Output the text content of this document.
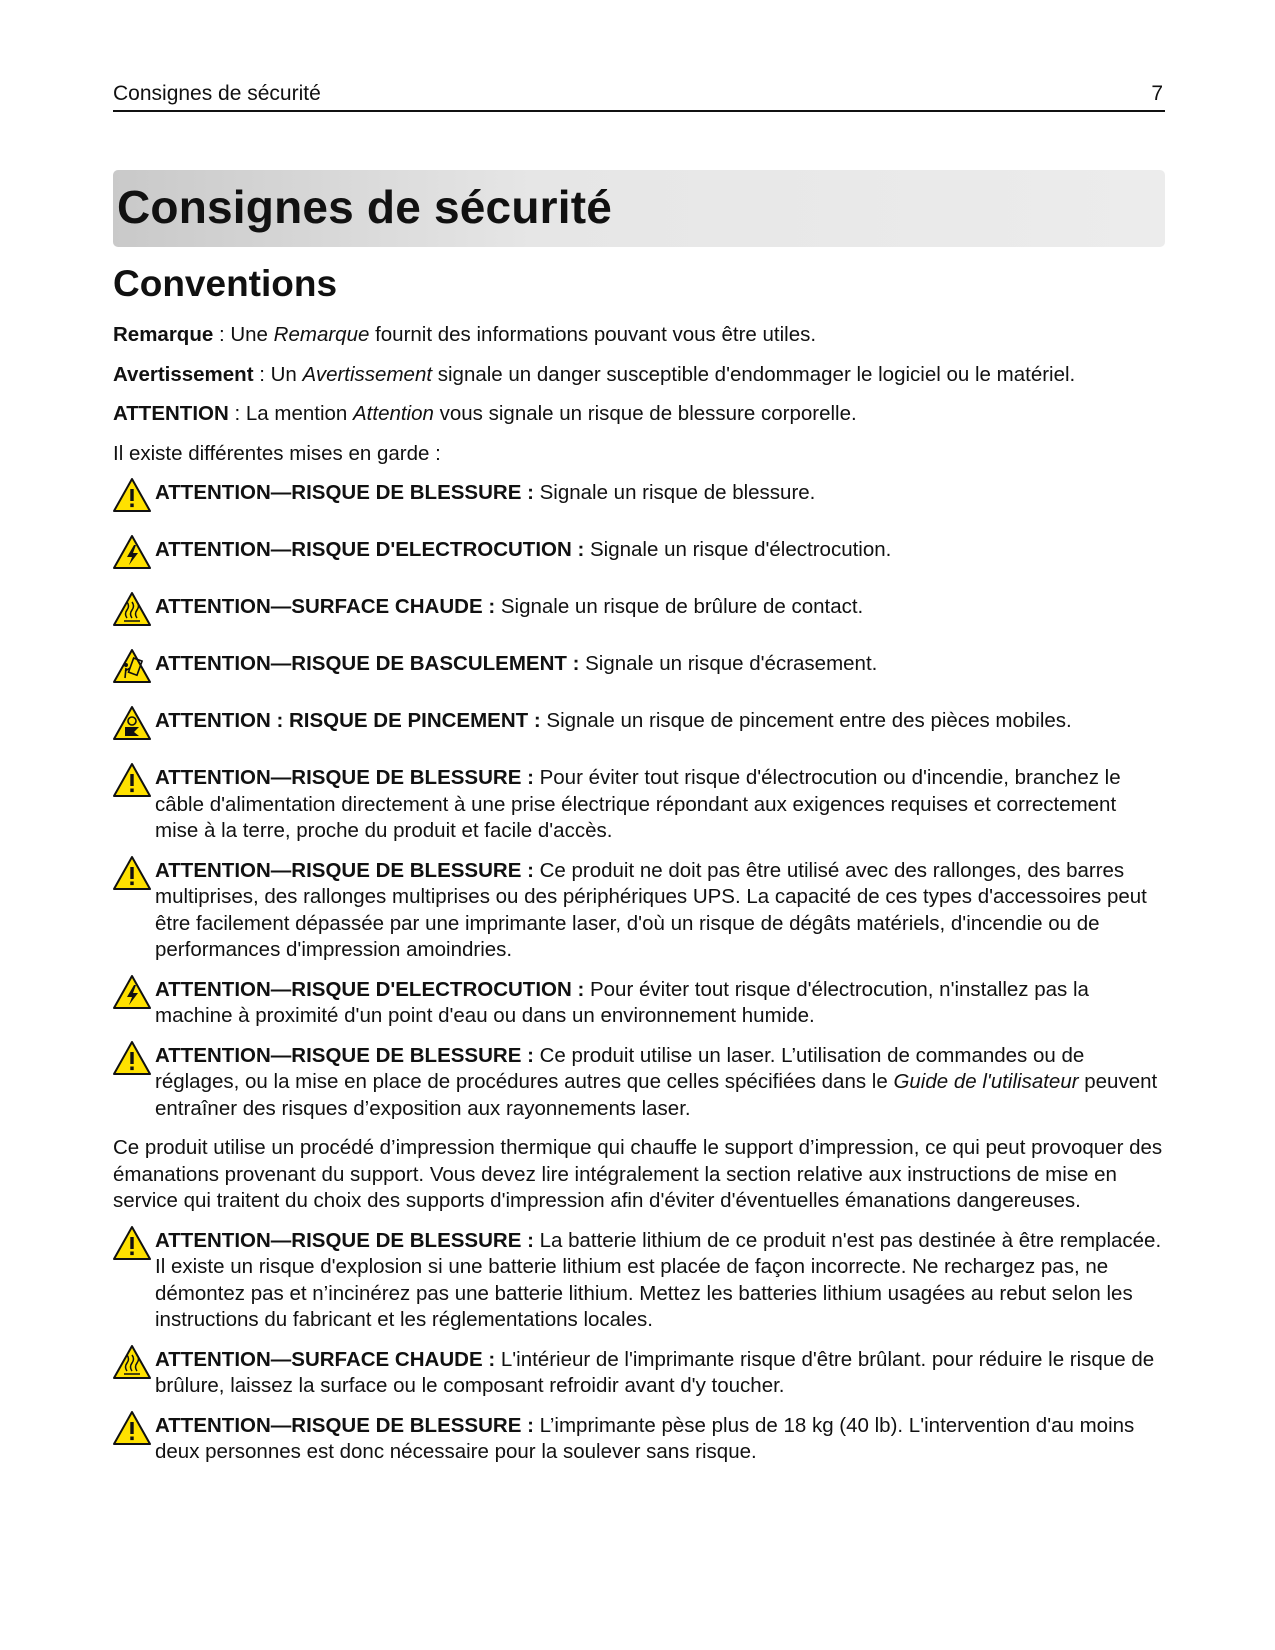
Consignes de sécurité	7
Consignes de sécurité
Conventions

Remarque : Une Remarque fournit des informations pouvant vous être utiles.

Avertissement : Un Avertissement signale un danger susceptible d'endommager le logiciel ou le matériel.

ATTENTION : La mention Attention vous signale un risque de blessure corporelle.

Il existe différentes mises en garde :

ATTENTION—RISQUE DE BLESSURE : Signale un risque de blessure.
ATTENTION—RISQUE D'ELECTROCUTION : Signale un risque d'électrocution.
ATTENTION—SURFACE CHAUDE : Signale un risque de brûlure de contact.
ATTENTION—RISQUE DE BASCULEMENT : Signale un risque d'écrasement.
ATTENTION : RISQUE DE PINCEMENT : Signale un risque de pincement entre des pièces mobiles.
ATTENTION—RISQUE DE BLESSURE : Pour éviter tout risque d'électrocution ou d'incendie, branchez le câble d'alimentation directement à une prise électrique répondant aux exigences requises et correctement mise à la terre, proche du produit et facile d'accès.
ATTENTION—RISQUE DE BLESSURE : Ce produit ne doit pas être utilisé avec des rallonges, des barres multiprises, des rallonges multiprises ou des périphériques UPS. La capacité de ces types d'accessoires peut être facilement dépassée par une imprimante laser, d'où un risque de dégâts matériels, d'incendie ou de performances d'impression amoindries.
ATTENTION—RISQUE D'ELECTROCUTION : Pour éviter tout risque d'électrocution, n'installez pas la machine à proximité d'un point d'eau ou dans un environnement humide.
ATTENTION—RISQUE DE BLESSURE : Ce produit utilise un laser. L’utilisation de commandes ou de réglages, ou la mise en place de procédures autres que celles spécifiées dans le Guide de l'utilisateur peuvent entraîner des risques d’exposition aux rayonnements laser.

Ce produit utilise un procédé d’impression thermique qui chauffe le support d’impression, ce qui peut provoquer des émanations provenant du support. Vous devez lire intégralement la section relative aux instructions de mise en service qui traitent du choix des supports d'impression afin d'éviter d'éventuelles émanations dangereuses.

ATTENTION—RISQUE DE BLESSURE : La batterie lithium de ce produit n'est pas destinée à être remplacée. Il existe un risque d'explosion si une batterie lithium est placée de façon incorrecte. Ne rechargez pas, ne démontez pas et n’incinérez pas une batterie lithium. Mettez les batteries lithium usagées au rebut selon les instructions du fabricant et les réglementations locales.
ATTENTION—SURFACE CHAUDE : L'intérieur de l'imprimante risque d'être brûlant. pour réduire le risque de brûlure, laissez la surface ou le composant refroidir avant d'y toucher.
ATTENTION—RISQUE DE BLESSURE : L’imprimante pèse plus de 18 kg (40 lb). L'intervention d'au moins deux personnes est donc nécessaire pour la soulever sans risque.
